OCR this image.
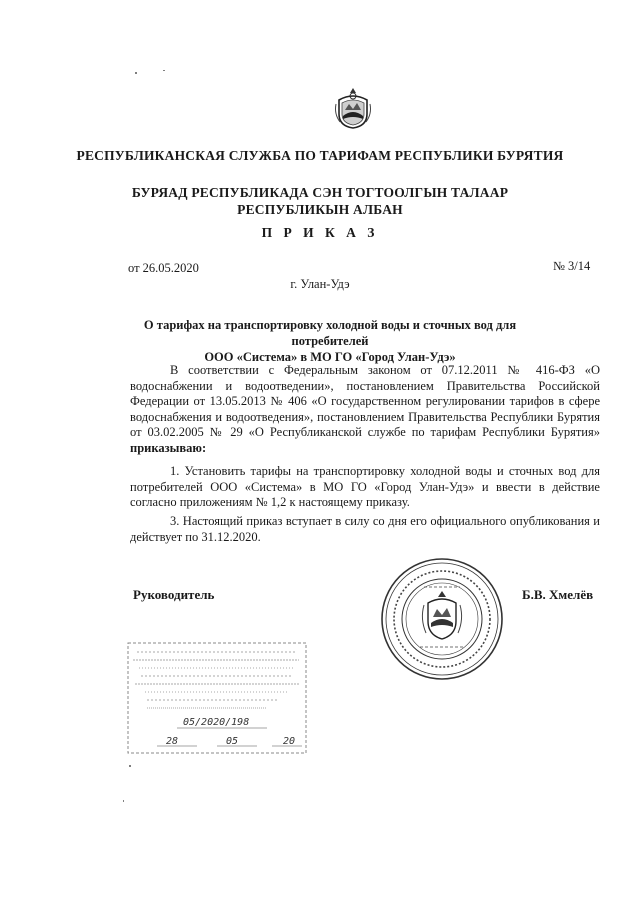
РЕСПУБЛИКАНСКАЯ СЛУЖБА ПО ТАРИФАМ РЕСПУБЛИКИ БУРЯТИЯ
БУРЯАД РЕСПУБЛИКАДА СЭН ТОГТООЛГЫН ТАЛААР
РЕСПУБЛИКЫН АЛБАН
П Р И К А З
от 26.05.2020	№ 3/14
г. Улан-Удэ
О тарифах на транспортировку холодной воды и сточных вод для потребителей
ООО «Система» в МО ГО «Город Улан-Удэ»
В соответствии с Федеральным законом от 07.12.2011 № 416-ФЗ «О водоснабжении и водоотведении», постановлением Правительства Российской Федерации от 13.05.2013 № 406 «О государственном регулировании тарифов в сфере водоснабжения и водоотведения», постановлением Правительства Республики Бурятия от 03.02.2005 № 29 «О Республиканской службе по тарифам Республики Бурятия» приказываю:
1. Установить тарифы на транспортировку холодной воды и сточных вод для потребителей ООО «Система» в МО ГО «Город Улан-Удэ» и ввести в действие согласно приложениям № 1,2 к настоящему приказу.
3. Настоящий приказ вступает в силу со дня его официального опубликования и действует по 31.12.2020.
Руководитель	Б.В. Хмелёв
05/2020/198
28	05	20
